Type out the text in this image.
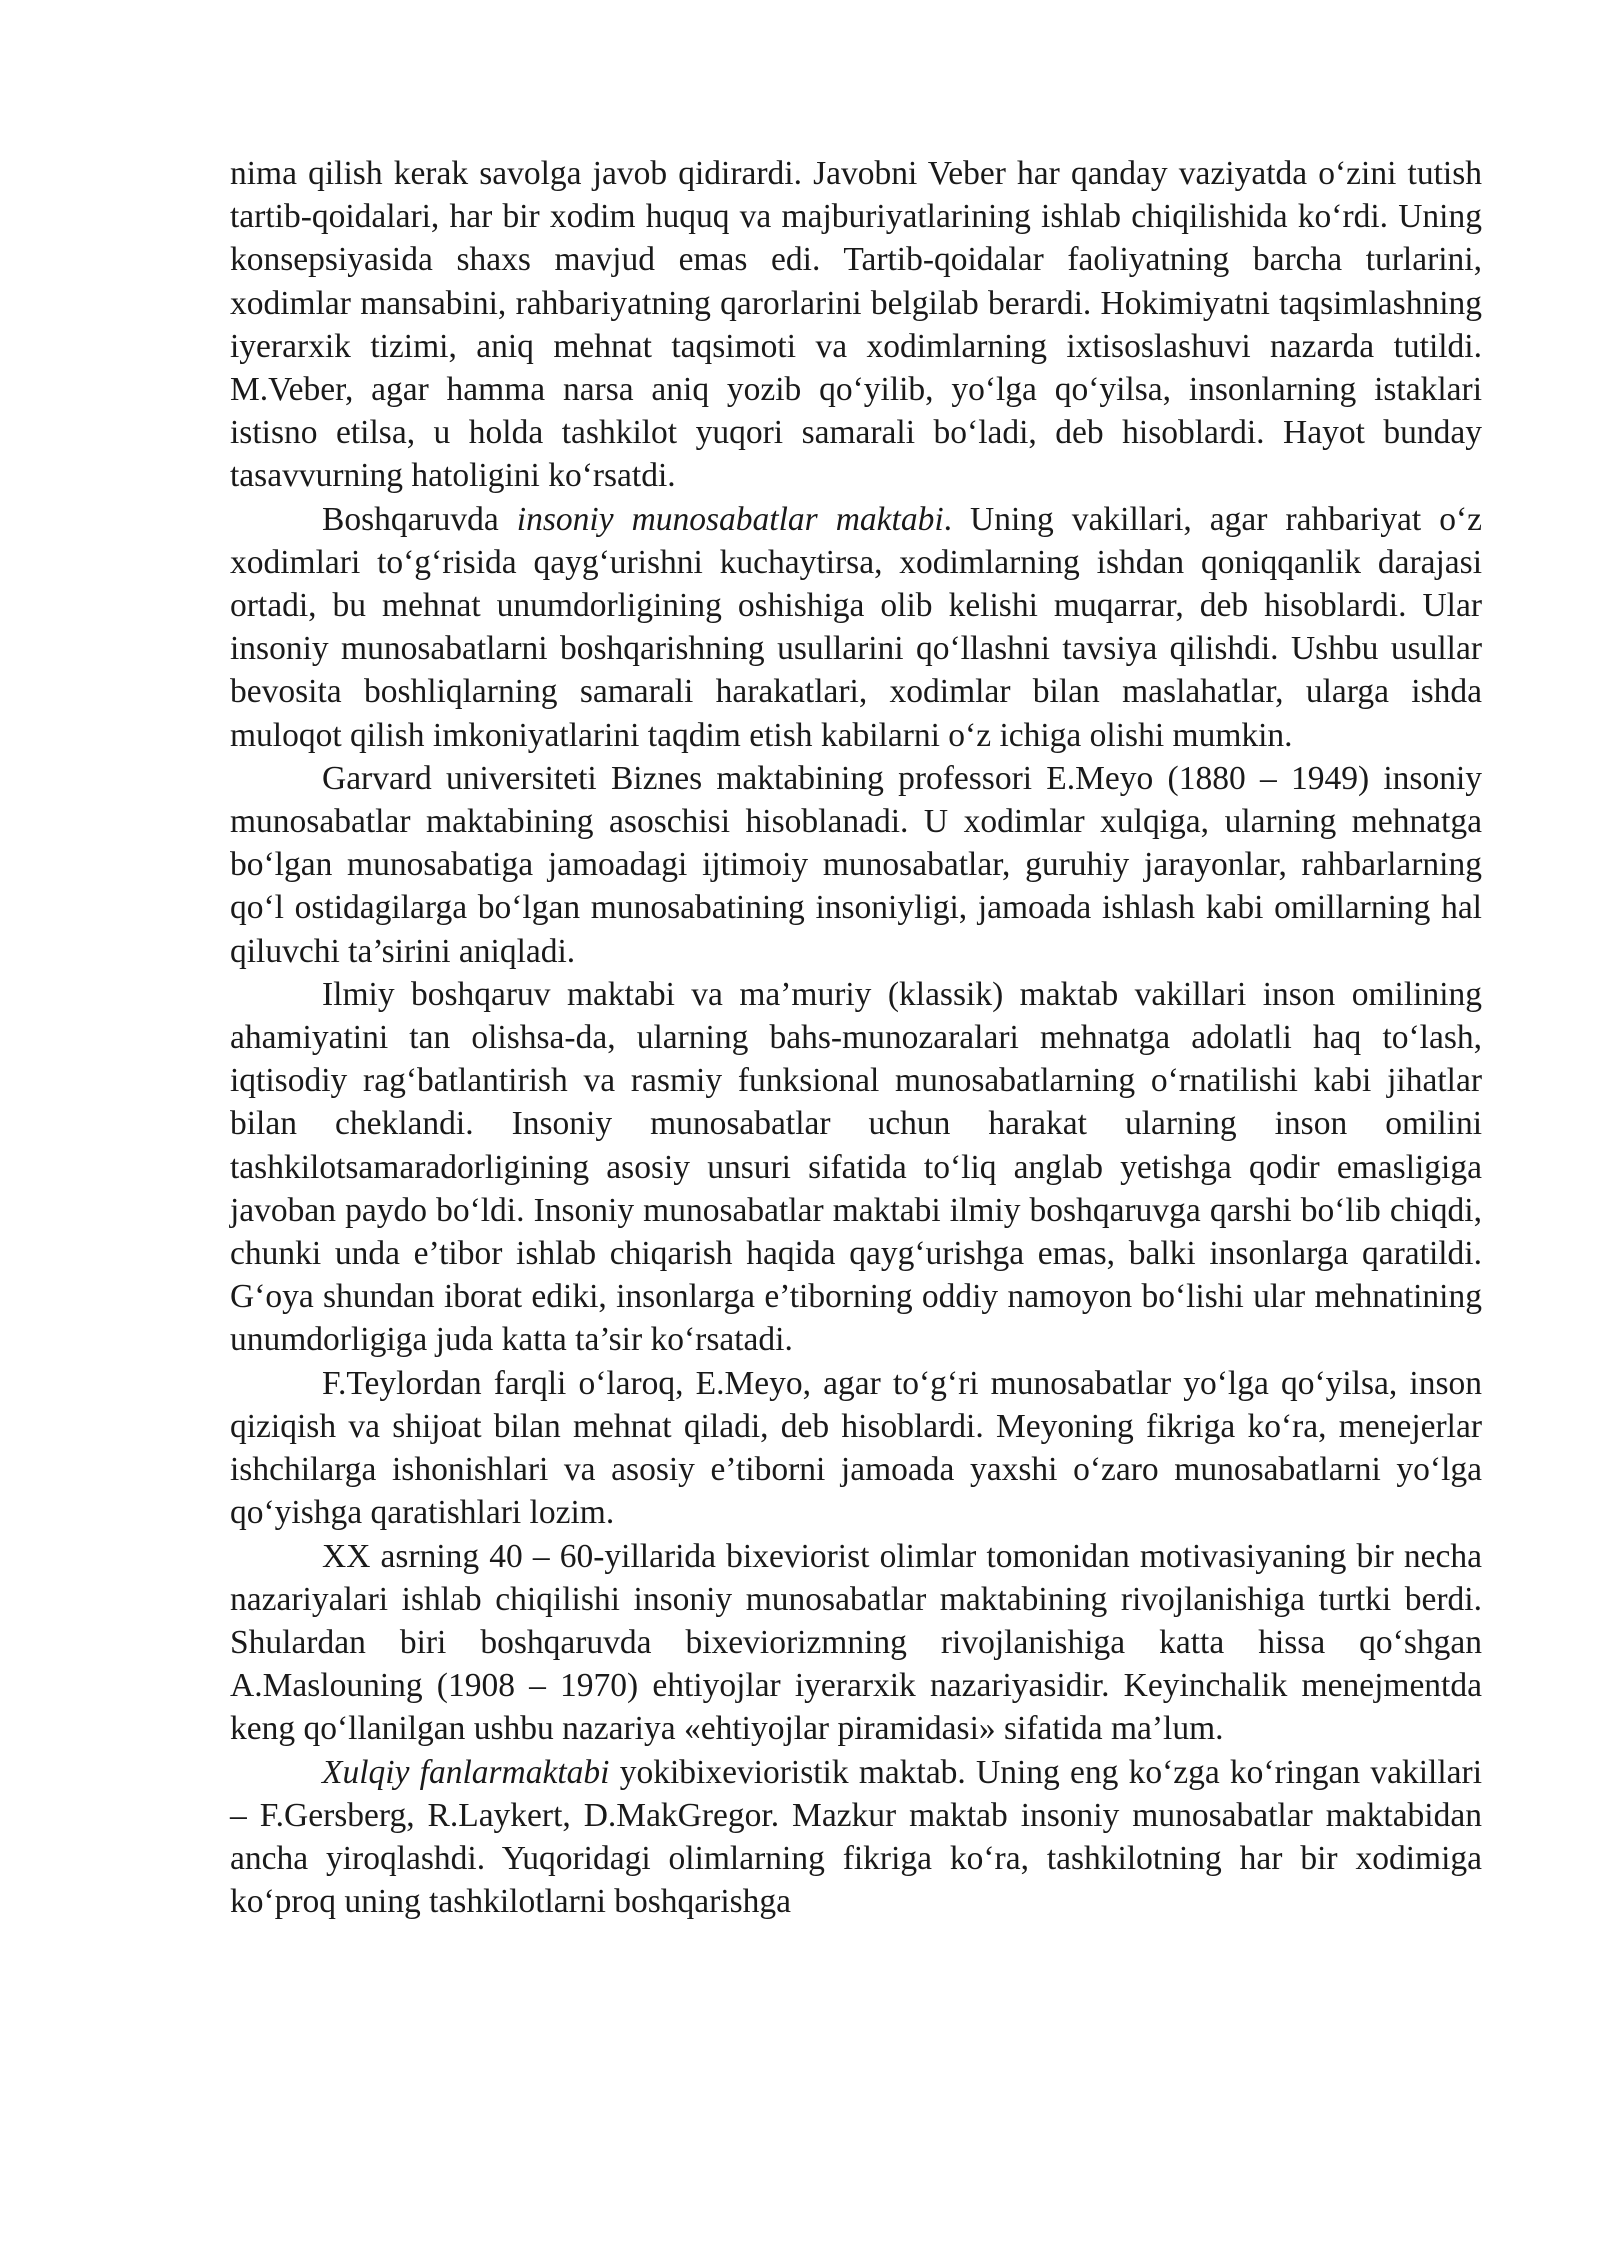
nima qilish kerak savolga javob qidirardi. Javobni Veber har qanday vaziyatda o‘zini tutish tartib-qoidalari, har bir xodim huquq va majburiyatlarining ishlab chiqilishida ko‘rdi. Uning konsepsiyasida shaxs mavjud emas edi. Tartib-qoidalar faoliyatning barcha turlarini, xodimlar mansabini, rahbariyatning qarorlarini belgilab berardi. Hokimiyatni taqsimlashning iyerarxik tizimi, aniq mehnat taqsimoti va xodimlarning ixtisoslashuvi nazarda tutildi. M.Veber, agar hamma narsa aniq yozib qo‘yilib, yo‘lga qo‘yilsa, insonlarning istaklari istisno etilsa, u holda tashkilot yuqori samarali bo‘ladi, deb hisoblardi. Hayot bunday tasavvurning hatoligini ko‘rsatdi.

Boshqaruvda insoniy munosabatlar maktabi. Uning vakillari, agar rahbariyat o‘z xodimlari to‘g‘risida qayg‘urishni kuchaytirsa, xodimlarning ishdan qoniqqanlik darajasi ortadi, bu mehnat unumdorligining oshishiga olib kelishi muqarrar, deb hisoblardi. Ular insoniy munosabatlarni boshqarishning usullarini qo‘llashni tavsiya qilishdi. Ushbu usullar bevosita boshliqlarning samarali harakatlari, xodimlar bilan maslahatlar, ularga ishda muloqot qilish imkoniyatlarini taqdim etish kabilarni o‘z ichiga olishi mumkin.

Garvard universiteti Biznes maktabining professori E.Meyo (1880 – 1949) insoniy munosabatlar maktabining asoschisi hisoblanadi. U xodimlar xulqiga, ularning mehnatga bo‘lgan munosabatiga jamoadagi ijtimoiy munosabatlar, guruhiy jarayonlar, rahbarlarning qo‘l ostidagilarga bo‘lgan munosabatining insoniyligi, jamoada ishlash kabi omillarning hal qiluvchi ta’sirini aniqladi.

Ilmiy boshqaruv maktabi va ma’muriy (klassik) maktab vakillari inson omilining ahamiyatini tan olishsa-da, ularning bahs-munozaralari mehnatga adolatli haq to‘lash, iqtisodiy rag‘batlantirish va rasmiy funksional munosabatlarning o‘rnatilishi kabi jihatlar bilan cheklandi. Insoniy munosabatlar uchun harakat ularning inson omilini tashkilotsamaradorligining asosiy unsuri sifatida to‘liq anglab yetishga qodir emasligiga javoban paydo bo‘ldi. Insoniy munosabatlar maktabi ilmiy boshqaruvga qarshi bo‘lib chiqdi, chunki unda e’tibor ishlab chiqarish haqida qayg‘urishga emas, balki insonlarga qaratildi. G‘oya shundan iborat ediki, insonlarga e’tiborning oddiy namoyon bo‘lishi ular mehnatining unumdorligiga juda katta ta’sir ko‘rsatadi.

F.Teylordan farqli o‘laroq, E.Meyo, agar to‘g‘ri munosabatlar yo‘lga qo‘yilsa, inson qiziqish va shijoat bilan mehnat qiladi, deb hisoblardi. Meyoning fikriga ko‘ra, menejerlar ishchilarga ishonishlari va asosiy e’tiborni jamoada yaxshi o‘zaro munosabatlarni yo‘lga qo‘yishga qaratishlari lozim.

XX asrning 40 – 60-yillarida bixeviorist olimlar tomonidan motivasiyaning bir necha nazariyalari ishlab chiqilishi insoniy munosabatlar maktabining rivojlanishiga turtki berdi. Shulardan biri boshqaruvda bixeviorizmning rivojlanishiga katta hissa qo‘shgan A.Maslouning (1908 – 1970) ehtiyojlar iyerarxik nazariyasidir. Keyinchalik menejmentda keng qo‘llanilgan ushbu nazariya «ehtiyojlar piramidasi» sifatida ma’lum.

Xulqiy fanlarmaktabi yokibixevioristik maktab. Uning eng ko‘zga ko‘ringan vakillari – F.Gersberg, R.Laykert, D.MakGregor. Mazkur maktab insoniy munosabatlar maktabidan ancha yiroqlashdi. Yuqoridagi olimlarning fikriga ko‘ra, tashkilotning har bir xodimiga ko‘proq uning tashkilotlarni boshqarishga
